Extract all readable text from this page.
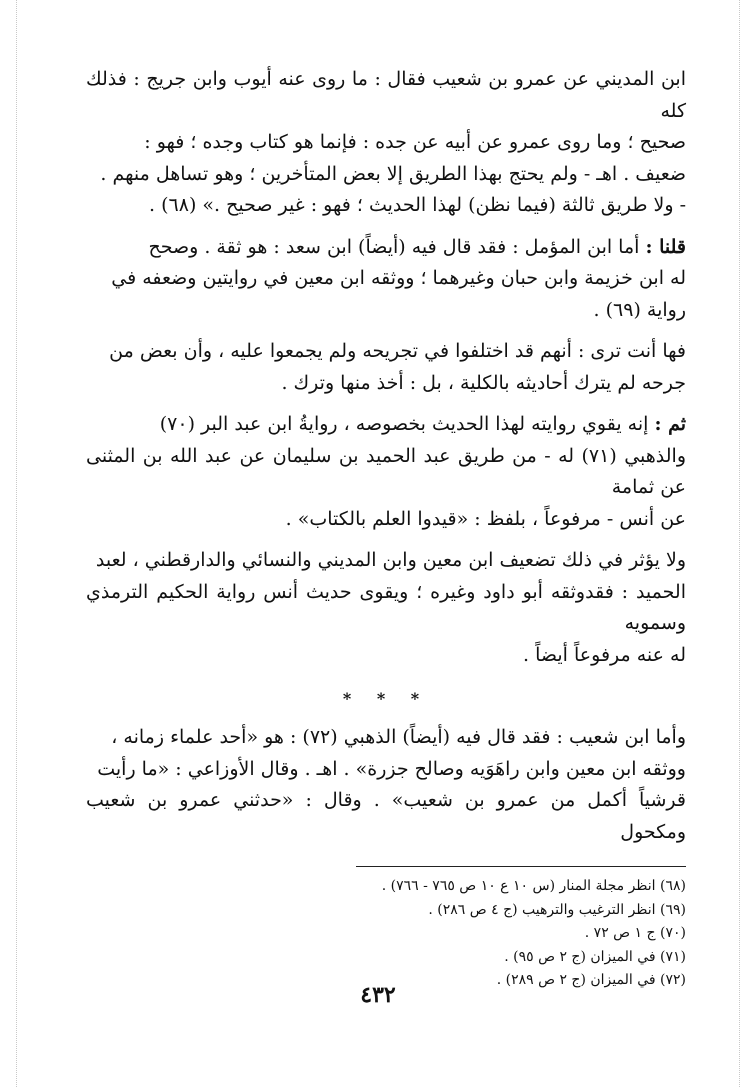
ابن المديني عن عمرو بن شعيب فقال : ما روى عنه أيوب وابن جريج : فذلك كله
صحيح ؛ وما روى عمرو عن أبيه عن جده : فإنما هو كتاب وجده ؛ فهو :
ضعيف . اهـ - ولم يحتج بهذا الطريق إلا بعض المتأخرين ؛ وهو تساهل منهم .
- ولا طريق ثالثة (فيما نظن) لهذا الحديث ؛ فهو : غير صحيح .» (٦٨) .

قلنا : أما ابن المؤمل : فقد قال فيه (أيضاً) ابن سعد : هو ثقة . وصحح
له ابن خزيمة وابن حبان وغيرهما ؛ ووثقه ابن معين في روايتين وضعفه في
رواية (٦٩) .

فها أنت ترى : أنهم قد اختلفوا في تجريحه ولم يجمعوا عليه ، وأن بعض من
جرحه لم يترك أحاديثه بالكلية ، بل : أخذ منها وترك .

ثم : إنه يقوي روايته لهذا الحديث بخصوصه ، روايةُ ابن عبد البر (٧٠)
والذهبي (٧١) له - من طريق عبد الحميد بن سليمان عن عبد الله بن المثنى عن ثمامة
عن أنس - مرفوعاً ، بلفظ : «قيدوا العلم بالكتاب» .

ولا يؤثر في ذلك تضعيف ابن معين وابن المديني والنسائي والدارقطني ، لعبد
الحميد : فقدوثقه أبو داود وغيره ؛ ويقوى حديث أنس رواية الحكيم الترمذي وسمويه
له عنه مرفوعاً أيضاً .

* * *

وأما ابن شعيب : فقد قال فيه (أيضاً) الذهبي (٧٢) : هو «أحد علماء زمانه ،
ووثقه ابن معين وابن راهَوَيه وصالح جزرة» . اهـ . وقال الأوزاعي : «ما رأيت
قرشياً أكمل من عمرو بن شعيب» . وقال : «حدثني عمرو بن شعيب ومكحول

(٦٨) انظر مجلة المنار (س ١٠ ع ١٠ ص ٧٦٥ - ٧٦٦) .
(٦٩) انظر الترغيب والترهيب (ج ٤ ص ٢٨٦) .
(٧٠) ج ١ ص ٧٢ .
(٧١) في الميزان (ج ٢ ص ٩٥) .
(٧٢) في الميزان (ج ٢ ص ٢٨٩) .
٤٣٢
